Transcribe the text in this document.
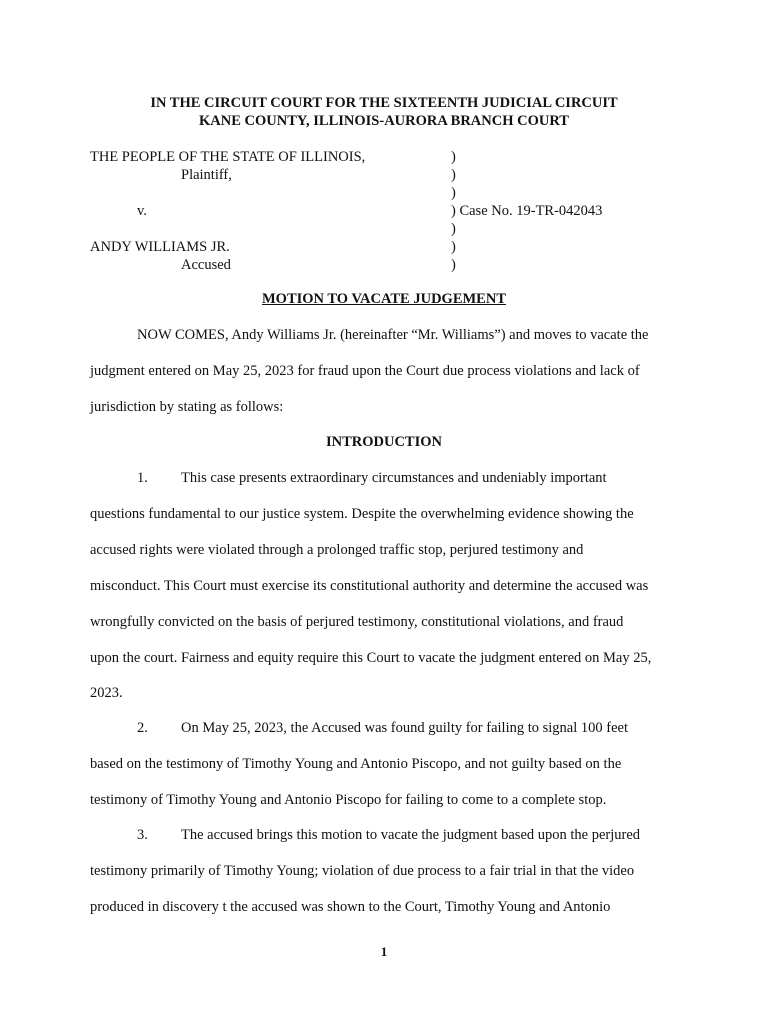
IN THE CIRCUIT COURT FOR THE SIXTEENTH JUDICIAL CIRCUIT
KANE COUNTY, ILLINOIS-AURORA BRANCH COURT
THE PEOPLE OF THE STATE OF ILLINOIS,
Plaintiff,
v.
ANDY WILLIAMS JR.
Accused
)
)
)
) Case No. 19-TR-042043
)
)
)
MOTION TO VACATE JUDGEMENT
NOW COMES, Andy Williams Jr. (hereinafter “Mr. Williams”) and moves to vacate the
judgment entered on May 25, 2023 for fraud upon the Court due process violations and lack of
jurisdiction by stating as follows:
INTRODUCTION
1. This case presents extraordinary circumstances and undeniably important
questions fundamental to our justice system. Despite the overwhelming evidence showing the
accused rights were violated through a prolonged traffic stop, perjured testimony and
misconduct. This Court must exercise its constitutional authority and determine the accused was
wrongfully convicted on the basis of perjured testimony, constitutional violations, and fraud
upon the court. Fairness and equity require this Court to vacate the judgment entered on May 25,
2023.
2. On May 25, 2023, the Accused was found guilty for failing to signal 100 feet
based on the testimony of Timothy Young and Antonio Piscopo, and not guilty based on the
testimony of Timothy Young and Antonio Piscopo for failing to come to a complete stop.
3. The accused brings this motion to vacate the judgment based upon the perjured
testimony primarily of Timothy Young; violation of due process to a fair trial in that the video
produced in discovery t the accused was shown to the Court, Timothy Young and Antonio
1
